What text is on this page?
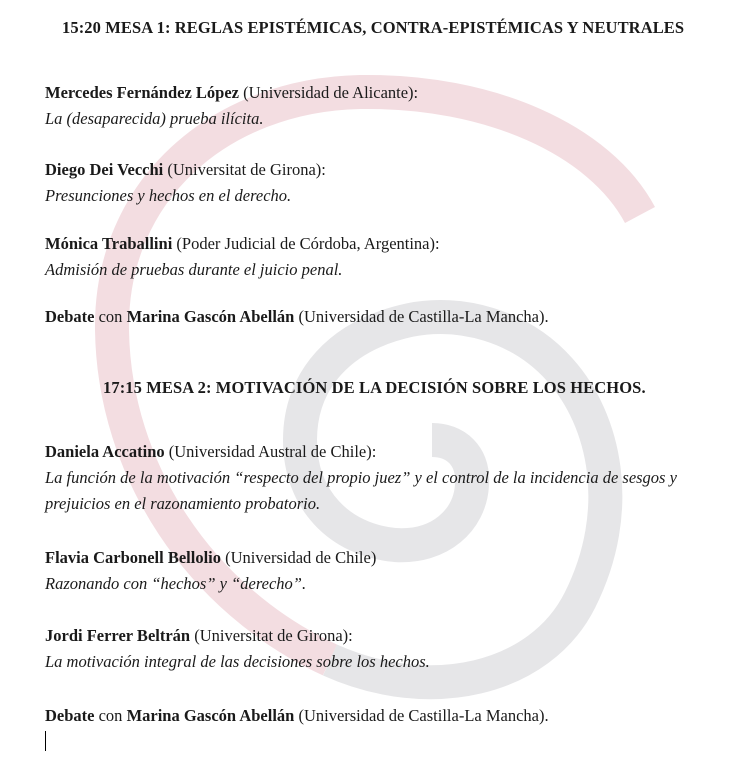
15:20 MESA 1: REGLAS EPISTÉMICAS, CONTRA-EPISTÉMICAS Y NEUTRALES

Mercedes Fernández López (Universidad de Alicante):

La (desaparecida) prueba ilícita.

Diego Dei Vecchi (Universitat de Girona):

Presunciones y hechos en el derecho.

Mónica Traballini (Poder Judicial de Córdoba, Argentina):

Admisión de pruebas durante el juicio penal.

Debate con Marina Gascón Abellán (Universidad de Castilla-La Mancha).

17:15 MESA 2: MOTIVACIÓN DE LA DECISIÓN SOBRE LOS HECHOS.

Daniela Accatino (Universidad Austral de Chile):

La función de la motivación “respecto del propio juez” y el control de la incidencia de sesgos y prejuicios en el razonamiento probatorio.

Flavia Carbonell Bellolio (Universidad de Chile)

Razonando con “hechos” y “derecho”.

Jordi Ferrer Beltrán (Universitat de Girona):

La motivación integral de las decisiones sobre los hechos.

Debate con Marina Gascón Abellán (Universidad de Castilla-La Mancha).
